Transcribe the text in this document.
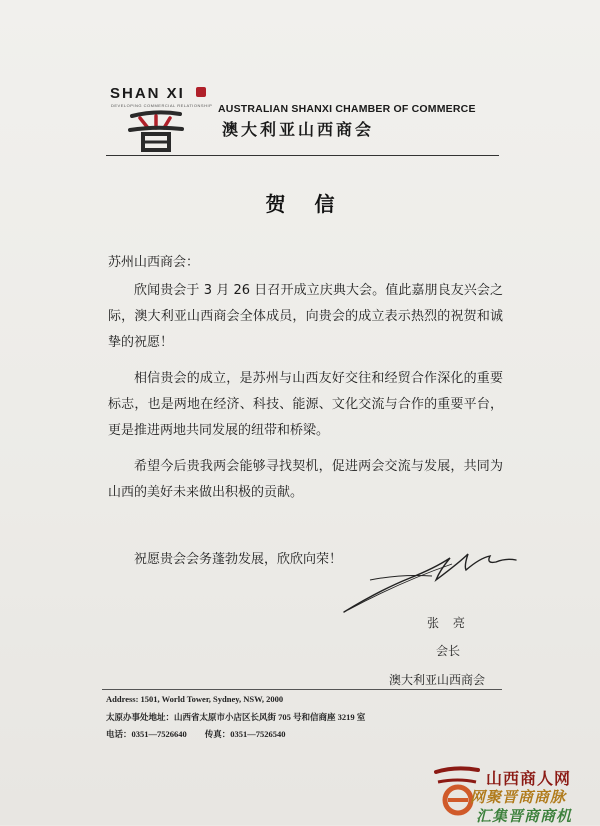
SHAN XI
DEVELOPING COMMERCIAL RELATIONSHIP AUSTRALIAN SHANXI CHAMBER OF COMMERCE
澳大利亚山西商会
贺 信

苏州山西商会：

欣闻贵会于 3 月 26 日召开成立庆典大会。值此嘉朋良友兴会之际，澳大利亚山西商会全体成员，向贵会的成立表示热烈的祝贺和诚挚的祝愿！

相信贵会的成立，是苏州与山西友好交往和经贸合作深化的重要标志，也是两地在经济、科技、能源、文化交流与合作的重要平台，更是推进两地共同发展的纽带和桥梁。

希望今后贵我两会能够寻找契机，促进两会交流与发展，共同为山西的美好未来做出积极的贡献。

祝愿贵会会务蓬勃发展，欣欣向荣！
张 亮
会长
澳大利亚山西商会
Address: 1501, World Tower, Sydney, NSW, 2000
太原办事处地址：山西省太原市小店区长风街 705 号和信商座 3219 室
电话：0351—7526640 传真：0351—7526540
山西商人网
网聚晋商商脉
汇集晋商商机
